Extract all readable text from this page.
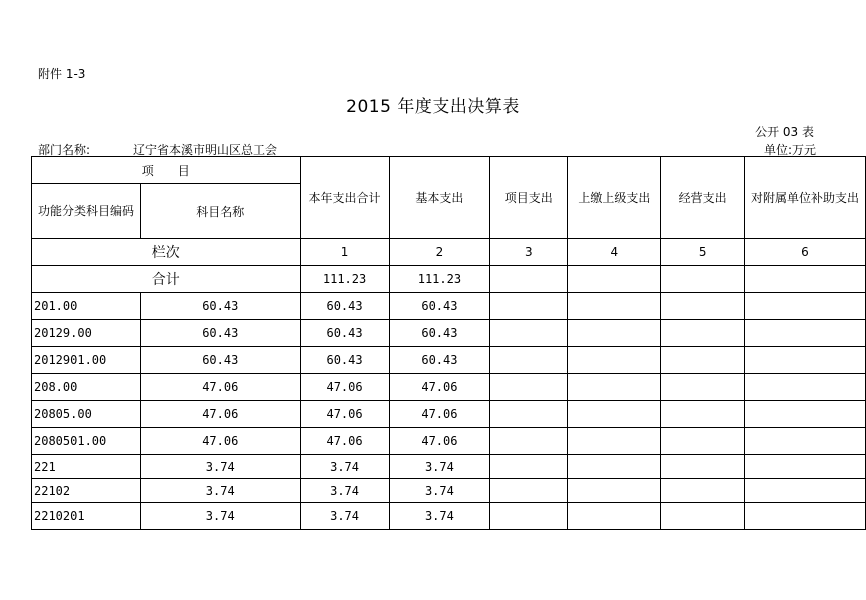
附件 1-3
2015 年度支出决算表
公开 03 表
部门名称:	辽宁省本溪市明山区总工会	单位:万元
项　　目		本年支出合计	基本支出	项目支出	上缴上级支出	经营支出	对附属单位补助支出
功能分类科目编码	科目名称						
栏次		1	2	3	4	5	6
合计		111.23	111.23				
201.00	60.43	60.43	60.43				
20129.00	60.43	60.43	60.43				
2012901.00	60.43	60.43	60.43				
208.00	47.06	47.06	47.06				
20805.00	47.06	47.06	47.06				
2080501.00	47.06	47.06	47.06				
221	3.74	3.74	3.74				
22102	3.74	3.74	3.74				
2210201	3.74	3.74	3.74				
